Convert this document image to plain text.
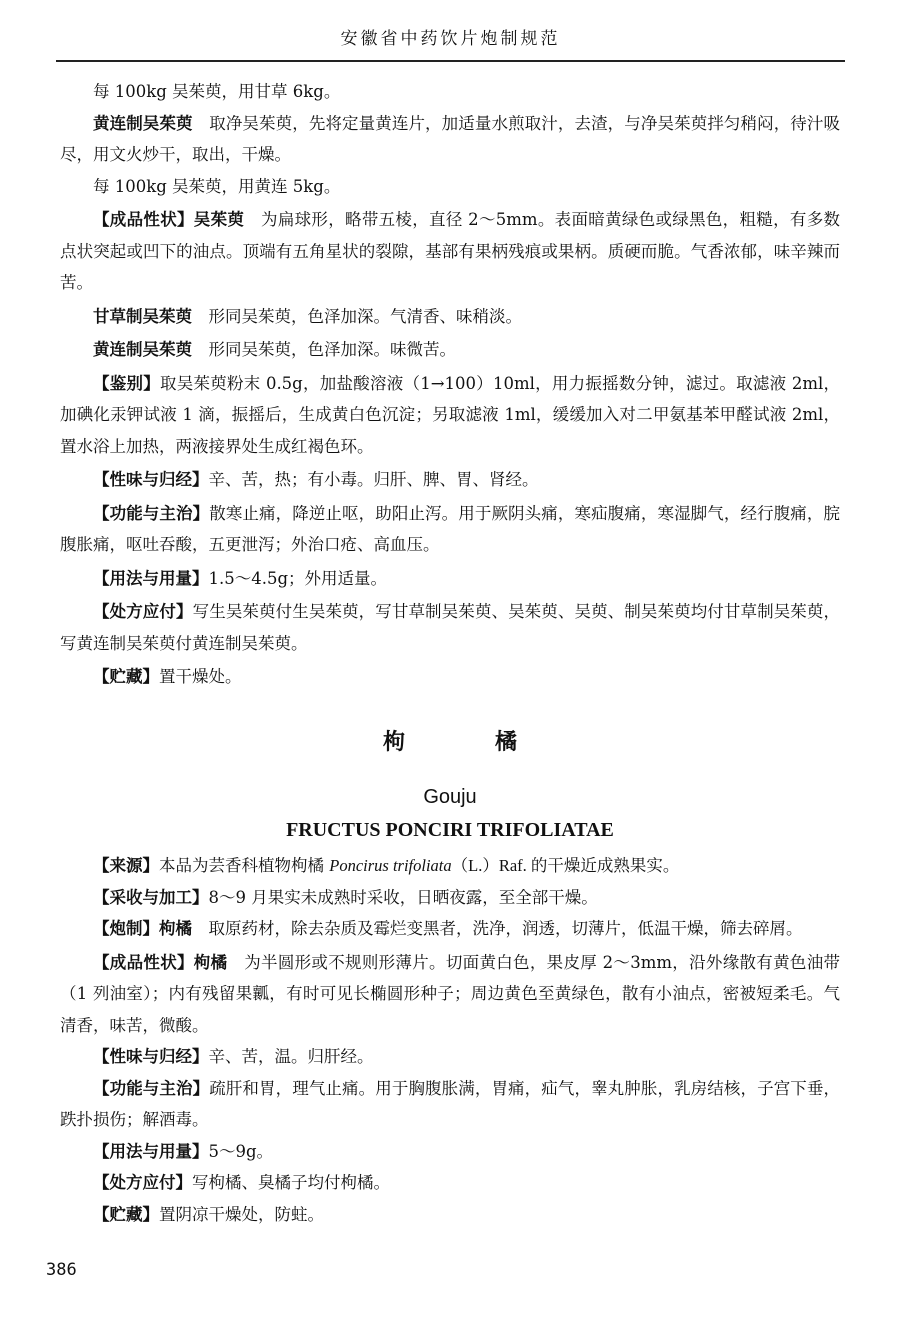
安徽省中药饮片炮制规范

每 100kg 吴茱萸，用甘草 6kg。

黄连制吴茱萸　取净吴茱萸，先将定量黄连片，加适量水煎取汁，去渣，与净吴茱萸拌匀稍闷，待汁吸尽，用文火炒干，取出，干燥。

每 100kg 吴茱萸，用黄连 5kg。

【成品性状】吴茱萸　为扁球形，略带五棱，直径 2～5mm。表面暗黄绿色或绿黑色，粗糙，有多数点状突起或凹下的油点。顶端有五角星状的裂隙，基部有果柄残痕或果柄。质硬而脆。气香浓郁，味辛辣而苦。

甘草制吴茱萸　形同吴茱萸，色泽加深。气清香、味稍淡。

黄连制吴茱萸　形同吴茱萸，色泽加深。味微苦。

【鉴别】取吴茱萸粉末 0.5g，加盐酸溶液（1→100）10ml，用力振摇数分钟，滤过。取滤液 2ml，加碘化汞钾试液 1 滴，振摇后，生成黄白色沉淀；另取滤液 1ml，缓缓加入对二甲氨基苯甲醛试液 2ml，置水浴上加热，两液接界处生成红褐色环。

【性味与归经】辛、苦，热；有小毒。归肝、脾、胃、肾经。

【功能与主治】散寒止痛，降逆止呕，助阳止泻。用于厥阴头痛，寒疝腹痛，寒湿脚气，经行腹痛，脘腹胀痛，呕吐吞酸，五更泄泻；外治口疮、高血压。

【用法与用量】1.5～4.5g；外用适量。

【处方应付】写生吴茱萸付生吴茱萸，写甘草制吴茱萸、吴茱萸、吴萸、制吴茱萸均付甘草制吴茱萸，写黄连制吴茱萸付黄连制吴茱萸。

【贮藏】置干燥处。

枸　橘

Gouju

FRUCTUS PONCIRI TRIFOLIATAE

【来源】本品为芸香科植物枸橘 Poncirus trifoliata（L.）Raf. 的干燥近成熟果实。

【采收与加工】8～9 月果实未成熟时采收，日晒夜露，至全部干燥。

【炮制】枸橘　取原药材，除去杂质及霉烂变黑者，洗净，润透，切薄片，低温干燥，筛去碎屑。

【成品性状】枸橘　为半圆形或不规则形薄片。切面黄白色，果皮厚 2～3mm，沿外缘散有黄色油带（1 列油室）；内有残留果瓤，有时可见长椭圆形种子；周边黄色至黄绿色，散有小油点，密被短柔毛。气清香，味苦，微酸。

【性味与归经】辛、苦，温。归肝经。

【功能与主治】疏肝和胃，理气止痛。用于胸腹胀满，胃痛，疝气，睾丸肿胀，乳房结核，子宫下垂，跌扑损伤；解酒毒。

【用法与用量】5～9g。

【处方应付】写枸橘、臭橘子均付枸橘。

【贮藏】置阴凉干燥处，防蛀。

386
